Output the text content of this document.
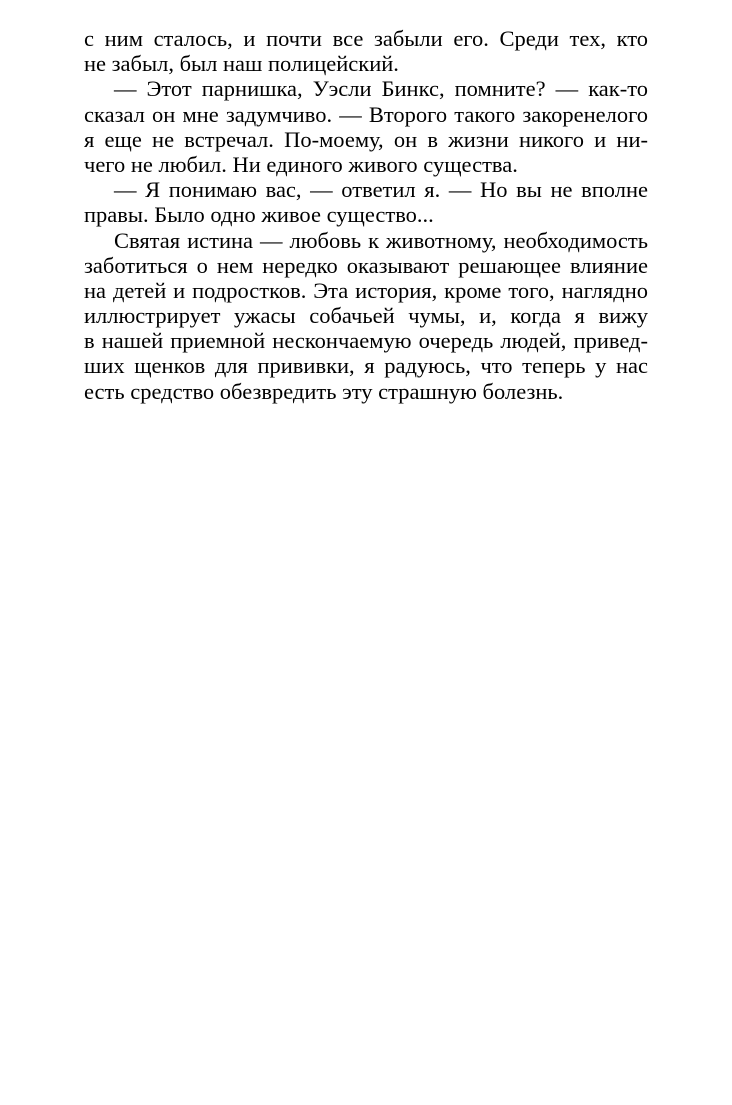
с ним сталось, и почти все забыли его. Среди тех, кто
не забыл, был наш полицейский.
— Этот парнишка, Уэсли Бинкс, помните? — как-то
сказал он мне задумчиво. — Второго такого закоренелого
я еще не встречал. По-моему, он в жизни никого и ни-
чего не любил. Ни единого живого существа.
— Я понимаю вас, — ответил я. — Но вы не вполне
правы. Было одно живое существо...
Святая истина — любовь к животному, необходимость
заботиться о нем нередко оказывают решающее влияние
на детей и подростков. Эта история, кроме того, наглядно
иллюстрирует ужасы собачьей чумы, и, когда я вижу
в нашей приемной нескончаемую очередь людей, привед-
ших щенков для прививки, я радуюсь, что теперь у нас
есть средство обезвредить эту страшную болезнь.
